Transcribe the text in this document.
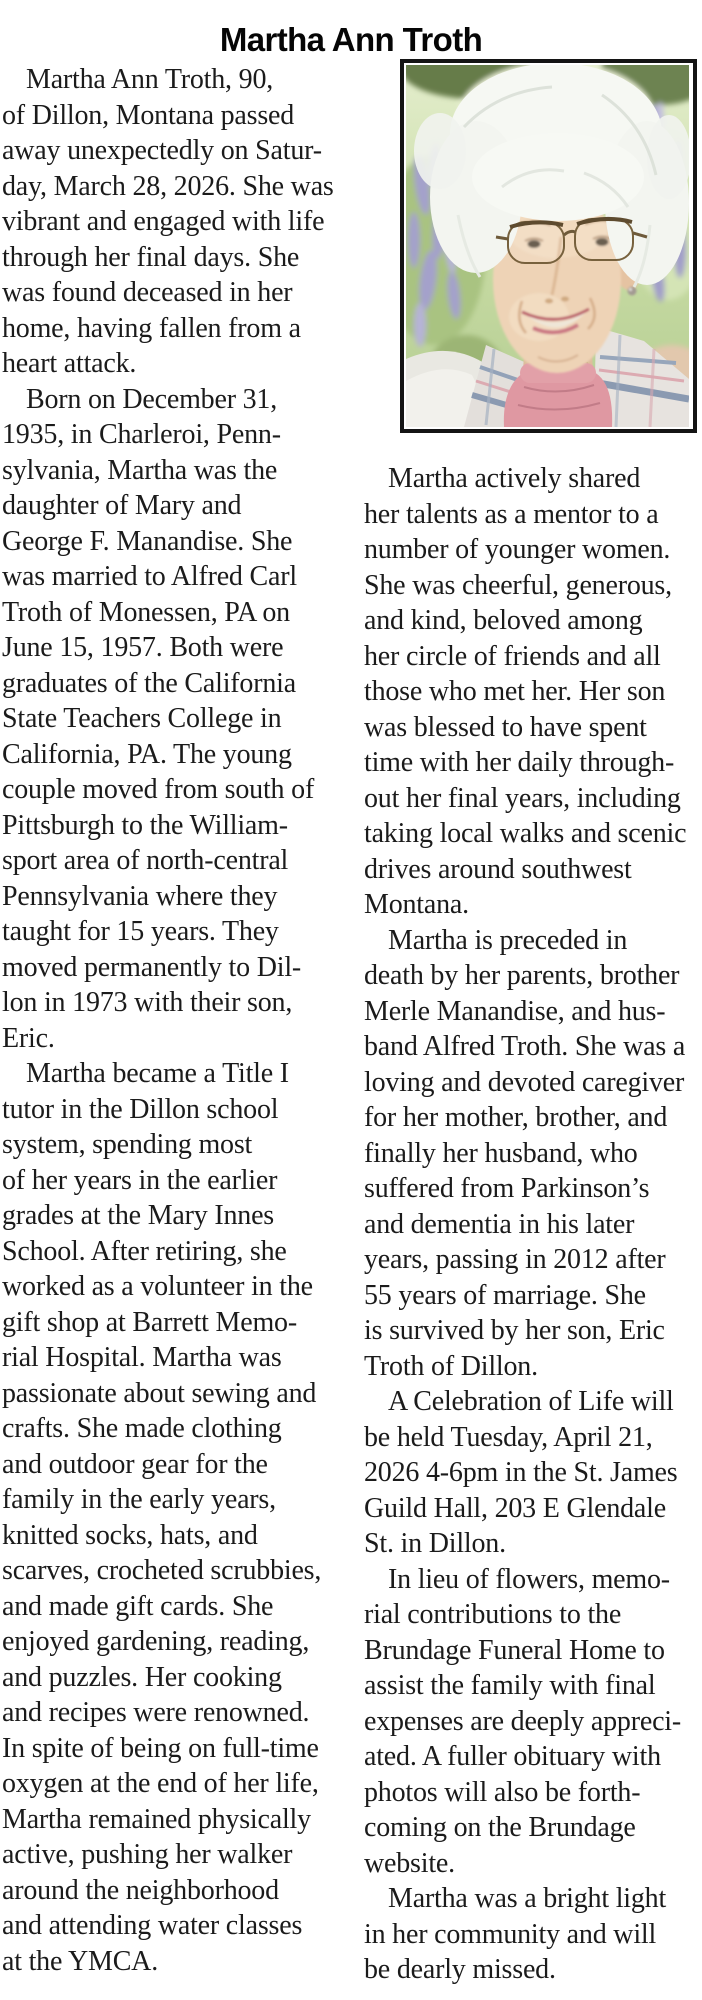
Martha Ann Troth
Martha Ann Troth, 90,
of Dillon, Montana passed
away unexpectedly on Satur-
day, March 28, 2026. She was
vibrant and engaged with life
through her final days. She
was found deceased in her
home, having fallen from a
heart attack.
Born on December 31,
1935, in Charleroi, Penn-
sylvania, Martha was the
daughter of Mary and
George F. Manandise. She
was married to Alfred Carl
Troth of Monessen, PA on
June 15, 1957. Both were
graduates of the California
State Teachers College in
California, PA. The young
couple moved from south of
Pittsburgh to the William-
sport area of north-central
Pennsylvania where they
taught for 15 years. They
moved permanently to Dil-
lon in 1973 with their son,
Eric.
Martha became a Title I
tutor in the Dillon school
system, spending most
of her years in the earlier
grades at the Mary Innes
School. After retiring, she
worked as a volunteer in the
gift shop at Barrett Memo-
rial Hospital. Martha was
passionate about sewing and
crafts. She made clothing
and outdoor gear for the
family in the early years,
knitted socks, hats, and
scarves, crocheted scrubbies,
and made gift cards. She
enjoyed gardening, reading,
and puzzles. Her cooking
and recipes were renowned.
In spite of being on full-time
oxygen at the end of her life,
Martha remained physically
active, pushing her walker
around the neighborhood
and attending water classes
at the YMCA.
Martha actively shared
her talents as a mentor to a
number of younger women.
She was cheerful, generous,
and kind, beloved among
her circle of friends and all
those who met her. Her son
was blessed to have spent
time with her daily through-
out her final years, including
taking local walks and scenic
drives around southwest
Montana.
Martha is preceded in
death by her parents, brother
Merle Manandise, and hus-
band Alfred Troth. She was a
loving and devoted caregiver
for her mother, brother, and
finally her husband, who
suffered from Parkinson’s
and dementia in his later
years, passing in 2012 after
55 years of marriage. She
is survived by her son, Eric
Troth of Dillon.
A Celebration of Life will
be held Tuesday, April 21,
2026 4-6pm in the St. James
Guild Hall, 203 E Glendale
St. in Dillon.
In lieu of flowers, memo-
rial contributions to the
Brundage Funeral Home to
assist the family with final
expenses are deeply appreci-
ated. A fuller obituary with
photos will also be forth-
coming on the Brundage
website.
Martha was a bright light
in her community and will
be dearly missed.
